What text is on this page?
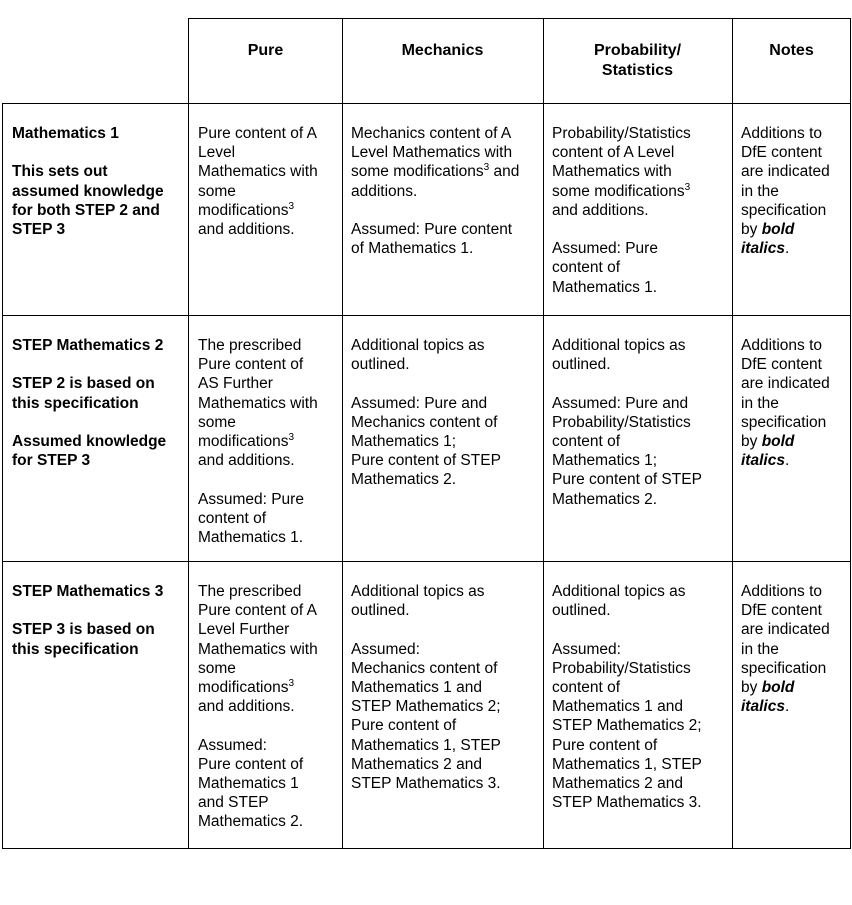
Pure	Mechanics	Probability/
Statistics
Notes
Mathematics 1
This sets out
assumed knowledge
for both STEP 2 and
STEP 3
Pure content of A
Level
Mathematics with
some
modifications$^3$
and additions.
Mechanics content of A
Level Mathematics with
some modifications$^3$ and
additions.
Assumed: Pure content
of Mathematics 1.
Probability/Statistics
content of A Level
Mathematics with
some modifications$^3$
and additions.
Assumed: Pure
content of
Mathematics 1.
Additions to
DfE content
are indicated
in the
specification
by bold
italics.
STEP Mathematics 2
STEP 2 is based on
this specification
Assumed knowledge
for STEP 3
The prescribed
Pure content of
AS Further
Mathematics with
some
modifications$^3$
and additions.
Assumed: Pure
content of
Mathematics 1.
Additional topics as
outlined.
Assumed: Pure and
Mechanics content of
Mathematics 1;
Pure content of STEP
Mathematics 2.
Additional topics as
outlined.
Assumed: Pure and
Probability/Statistics
content of
Mathematics 1;
Pure content of STEP
Mathematics 2.
Additions to
DfE content
are indicated
in the
specification
by bold
italics.
STEP Mathematics 3
STEP 3 is based on
this specification
The prescribed
Pure content of A
Level Further
Mathematics with
some
modifications$^3$
and additions.
Assumed:
Pure content of
Mathematics 1
and STEP
Mathematics 2.
Additional topics as
outlined.
Assumed:
Mechanics content of
Mathematics 1 and
STEP Mathematics 2;
Pure content of
Mathematics 1, STEP
Mathematics 2 and
STEP Mathematics 3.
Additional topics as
outlined.
Assumed:
Probability/Statistics
content of
Mathematics 1 and
STEP Mathematics 2;
Pure content of
Mathematics 1, STEP
Mathematics 2 and
STEP Mathematics 3.
Additions to
DfE content
are indicated
in the
specification
by bold
italics.
